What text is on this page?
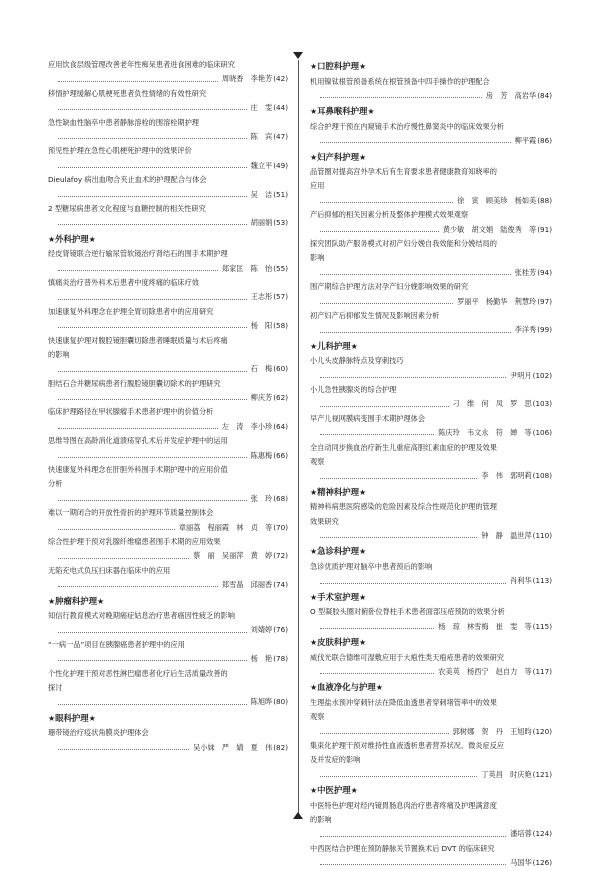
应用饮食层级管理改善老年性痴呆患者进食困难的临床研究
周晓香　李艳芳 (42)
移情护理缓解心肌梗死患者负性情绪的有效性研究
庄　雯 (44)
急性缺血性脑卒中患者静脉溶栓的围溶栓期护理
陈　宾 (47)
预见性护理在急性心肌梗死护理中的效果评价
魏立平 (49)
Dieulafoy 病出血吻合夹止血术的护理配合与体会
吴　洁 (51)
2 型糖尿病患者文化程度与血糖控制的相关性研究
胡丽娟 (53)
★外科护理★
经皮肾镜联合逆行输尿管软镜治疗肾结石的围手术期护理
郑家匡　陈　怡 (55)
慎痛炎治疗普外科术后患者中度疼痛的临床疗效
王志彤 (57)
加速康复外科理念在护理全胃切除患者中的应用研究
杨　阳 (58)
快速康复护理对腹腔镜胆囊切除患者睡眠质量与术后疼痛
的影响
石　梅 (60)
胆结石合并糖尿病患者行腹腔镜胆囊切除术的护理研究
柳庆芳 (62)
临床护理路径在甲状腺瘤手术患者护理中的价值分析
左　涛　李小珍 (64)
思维导图在高龄消化道溃疡穿孔术后并发症护理中的运用
陈惠梅 (66)
快速康复外科理念在肝胆外科围手术期护理中的应用价值
分析
张　玲 (68)
难以一期闭合的开放性骨折的护理环节质量控制体会
章丽荔　程丽霞　林　贞　等 (70)
综合性护理干预对乳腺纤维瘤患者围手术期的应用效果
蔡　丽　吴丽萍　黄　婷 (72)
无陷充电式负压扫床器在临床中的应用
郑雪晶　邱丽香 (74)
★肿瘤科护理★
知信行教育模式对晚期癌症姑息治疗患者癌因性疲乏的影响
刘婧婷 (76)
“一病一品”项目在胰腺癌患者护理中的应用
杨　艳 (78)
个性化护理干预对恶性淋巴瘤患者化疗后生活质量改善的
探讨
陈旭晔 (80)
★眼科护理★
珊带镜治疗疫状角膜炎护理体会
吴小妹　严　婧　夏　伟 (82)
★口腔科护理★
机用镍钛根管预备系统在根管预备中四手操作的护理配合
房　芳　高岩华 (84)
★耳鼻喉科护理★
综合护理干预在内窥镜手术治疗慢性鼻窦炎中的临床效果分析
柳平霞 (86)
★妇产科护理★
品管圈对提高宫外孕术后有生育要求患者健康教育知晓率的
应用
徐　寅　顾美珍　杨如美 (88)
产后抑郁的相关因素分析及整体护理模式效果观察
黄少敏　胡文娟　陆俊秀　等 (91)
探究团队助产服务模式对初产妇分娩自我效能和分娩结局的
影响
张桂芳 (94)
围产期综合护理方法对孕产妇分娩影响效果的研究
罗丽平　杨勤华　荆慧玲 (97)
初产妇产后抑郁发生情况及影响因素分析
李洋秀 (99)
★儿科护理★
小儿头皮静脉特点及穿刺技巧
尹明月 (102)
小儿急性胰腺炎的综合护理
刁　维　何　凤　罗　思 (103)
早产儿视网膜病变围手术期护理体会
陈庆玲　韦文永　符　婵　等 (106)
全自动同步换血治疗新生儿重症高胆红素血症的护理及效果
观察
李　伟　郭明莉 (108)
★精神科护理★
精神科病患医院感染的危险因素及综合性规范化护理的管理
效果研究
钟　静　温世萍 (110)
★急诊科护理★
急诊优质护理对脑卒中患者预后的影响
肖利华 (113)
★手术室护理★
O 型凝胶头圈对俯卧位脊柱手术患者面部压疮预防的效果分析
杨　琼　林雪梅　崔　雯　等 (115)
★皮肤科护理★
威伐光联合德维可湿敷应用于大疱性类天疱疮患者的效果研究
农美英　杨西宁　赵自力　等 (117)
★血液净化与护理★
生理盐水预冲穿刺针法在降低血透患者穿刺堵管率中的效果
观察
郭树娜　贺　丹　王旭昀 (120)
集束化护理干预对维持性血液透析患者营养状况、微炎症反应
及并发症的影响
丁英昌　时庆艳 (121)
★中医护理★
中医特色护理对经内镜胃肠息肉治疗患者疼痛及护理满意度
的影响
潘培蓉 (124)
中西医结合护理在预防静脉关节置换术后 DVT 的临床研究
马国华 (126)
